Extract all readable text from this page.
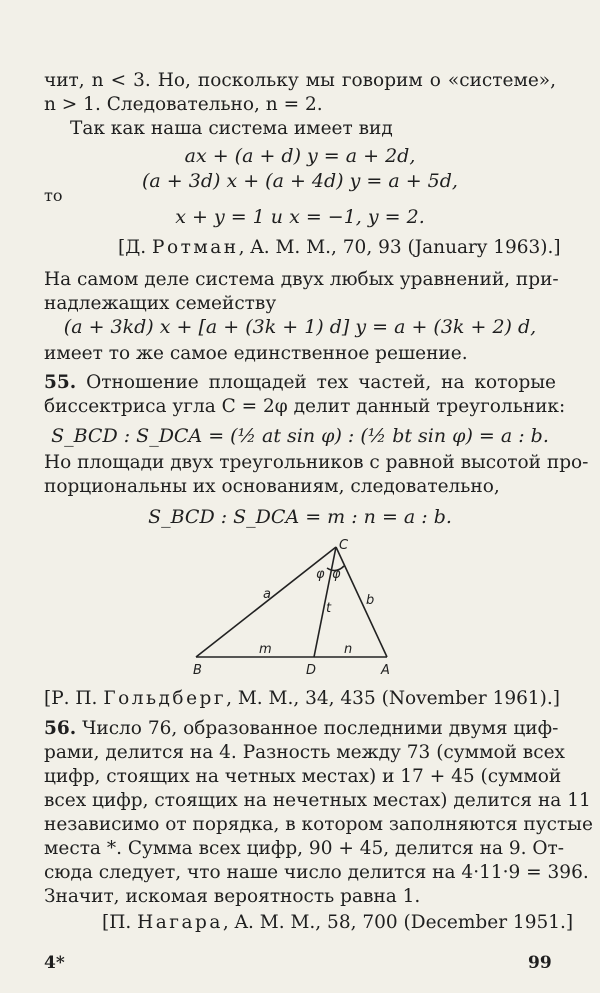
чит, n < 3. Но, поскольку мы говорим о «системе»,
n > 1. Следовательно, n = 2.
Так как наша система имеет вид
ax + (a + d) y = a + 2d,
(a + 3d) x + (a + 4d) y = a + 5d,
то
x + y = 1 и x = −1, y = 2.
[Д. Ротман, A. M. M., 70, 93 (January 1963).]
На самом деле система двух любых уравнений, при-
надлежащих семейству
(a + 3kd) x + [a + (3k + 1) d] y = a + (3k + 2) d,
имеет то же самое единственное решение.
55. Отношение площадей тех частей, на которые
биссектриса угла C = 2φ делит данный треугольник:
S_BCD : S_DCA = (½ at sin φ) : (½ bt sin φ) = a : b.
Но площади двух треугольников с равной высотой про-
порциональны их основаниям, следовательно,
S_BCD : S_DCA = m : n = a : b.
C
B	D	A
a	b
t
m	n
φ φ
[Р. П. Гольдберг, M. M., 34, 435 (November 1961).]
56. Число 76, образованное последними двумя циф-
рами, делится на 4. Разность между 73 (суммой всех
цифр, стоящих на четных местах) и 17 + 45 (суммой
всех цифр, стоящих на нечетных местах) делится на 11
независимо от порядка, в котором заполняются пустые
места *. Сумма всех цифр, 90 + 45, делится на 9. От-
сюда следует, что наше число делится на 4·11·9 = 396.
Значит, искомая вероятность равна 1.
[П. Нагара, A. M. M., 58, 700 (December 1951.]
4*	99
